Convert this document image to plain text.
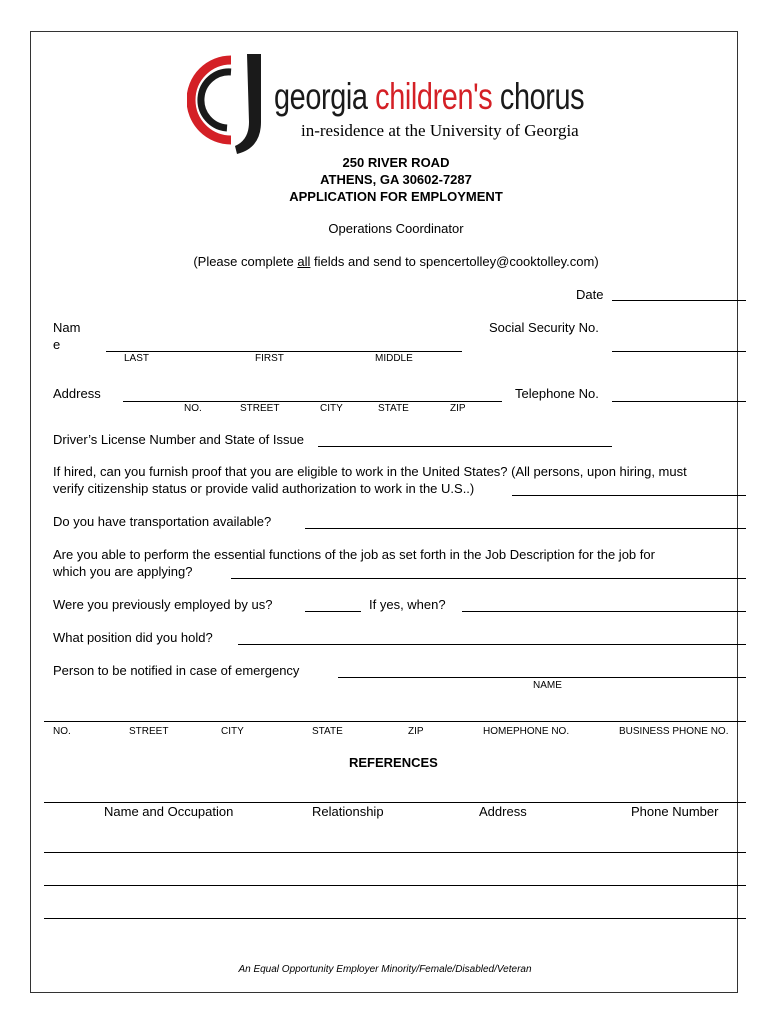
georgia children's chorus
in-residence at the University of Georgia
250 RIVER ROAD
ATHENS, GA 30602-7287
APPLICATION FOR EMPLOYMENT
Operations Coordinator
(Please complete all fields and send to spencertolley@cooktolley.com)
Date
Nam
e
LAST	FIRST	MIDDLE
Social Security No.
Address
NO.	STREET	CITY	STATE	ZIP
Telephone No.
Driver’s License Number and State of Issue
If hired, can you furnish proof that you are eligible to work in the United States? (All persons, upon hiring, must
verify citizenship status or provide valid authorization to work in the U.S..)
Do you have transportation available?
Are you able to perform the essential functions of the job as set forth in the Job Description for the job for
which you are applying?
Were you previously employed by us?	If yes, when?
What position did you hold?
Person to be notified in case of emergency
NAME
NO.	STREET	CITY	STATE	ZIP	HOMEPHONE NO.	BUSINESS PHONE NO.
REFERENCES
Name and Occupation	Relationship	Address	Phone Number
An Equal Opportunity Employer Minority/Female/Disabled/Veteran
